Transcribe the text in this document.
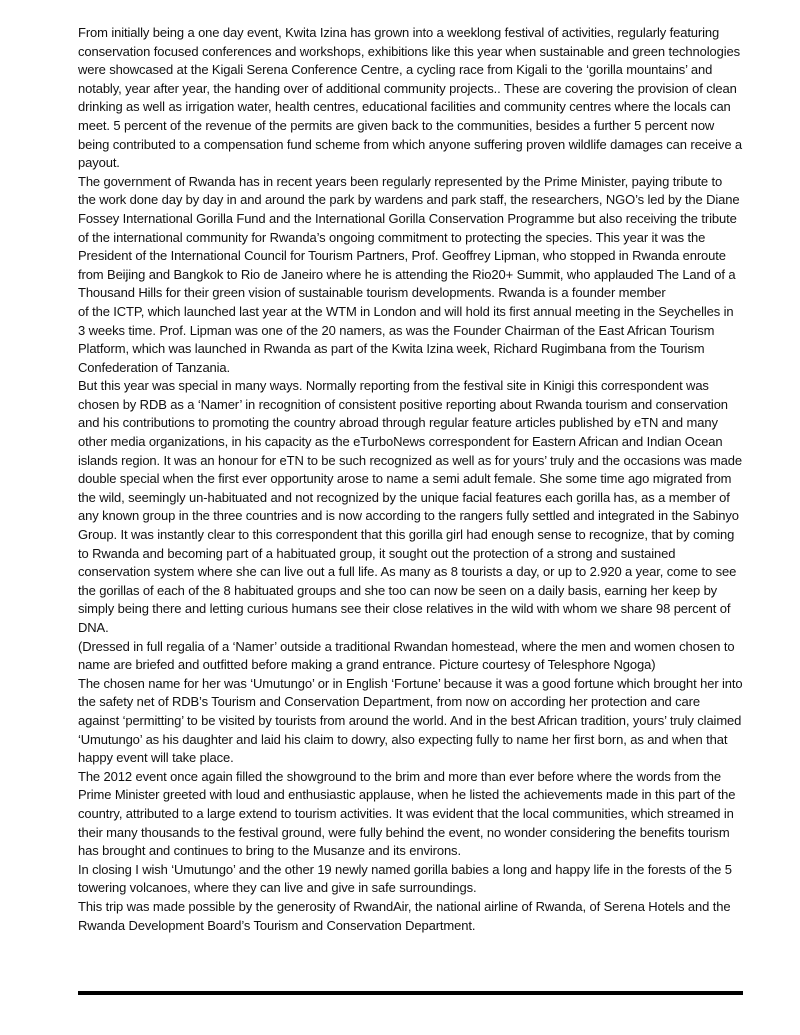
From initially being a one day event, Kwita Izina has grown into a weeklong festival of activities, regularly featuring conservation focused conferences and workshops, exhibitions like this year when sustainable and green technologies were showcased at the Kigali Serena Conference Centre, a cycling race from Kigali to the ‘gorilla mountains’ and notably, year after year, the handing over of additional community projects.. These are covering the provision of clean drinking as well as irrigation water, health centres, educational facilities and community centres where the locals can meet. 5 percent of the revenue of the permits are given back to the communities, besides a further 5 percent now being contributed to a compensation fund scheme from which anyone suffering proven wildlife damages can receive a payout.

The government of Rwanda has in recent years been regularly represented by the Prime Minister, paying tribute to the work done day by day in and around the park by wardens and park staff, the researchers, NGO’s led by the Diane Fossey International Gorilla Fund and the International Gorilla Conservation Programme but also receiving the tribute of the international community for Rwanda’s ongoing commitment to protecting the species. This year it was the President of the International Council for Tourism Partners, Prof. Geoffrey Lipman, who stopped in Rwanda enroute from Beijing and Bangkok to Rio de Janeiro where he is attending the Rio20+ Summit, who applauded The Land of a Thousand Hills for their green vision of sustainable tourism developments. Rwanda is a founder member

of the ICTP, which launched last year at the WTM in London and will hold its first annual meeting in the Seychelles in 3 weeks time. Prof. Lipman was one of the 20 namers, as was the Founder Chairman of the East African Tourism Platform, which was launched in Rwanda as part of the Kwita Izina week, Richard Rugimbana from the Tourism Confederation of Tanzania.

But this year was special in many ways. Normally reporting from the festival site in Kinigi this correspondent was chosen by RDB as a ‘Namer’ in recognition of consistent positive reporting about Rwanda tourism and conservation and his contributions to promoting the country abroad through regular feature articles published by eTN and many other media organizations, in his capacity as the eTurboNews correspondent for Eastern African and Indian Ocean islands region. It was an honour for eTN to be such recognized as well as for yours’ truly and the occasions was made double special when the first ever opportunity arose to name a semi adult female. She some time ago migrated from the wild, seemingly un-habituated and not recognized by the unique facial features each gorilla has, as a member of any known group in the three countries and is now according to the rangers fully settled and integrated in the Sabinyo Group. It was instantly clear to this correspondent that this gorilla girl had enough sense to recognize, that by coming to Rwanda and becoming part of a habituated group, it sought out the protection of a strong and sustained conservation system where she can live out a full life. As many as 8 tourists a day, or up to 2.920 a year, come to see the gorillas of each of the 8 habituated groups and she too can now be seen on a daily basis, earning her keep by simply being there and letting curious humans see their close relatives in the wild with whom we share 98 percent of DNA.

(Dressed in full regalia of a ‘Namer’ outside a traditional Rwandan homestead, where the men and women chosen to name are briefed and outfitted before making a grand entrance. Picture courtesy of Telesphore Ngoga)

The chosen name for her was ‘Umutungo’ or in English ‘Fortune’ because it was a good fortune which brought her into the safety net of RDB’s Tourism and Conservation Department, from now on according her protection and care against ‘permitting’ to be visited by tourists from around the world. And in the best African tradition, yours’ truly claimed ‘Umutungo’ as his daughter and laid his claim to dowry, also expecting fully to name her first born, as and when that happy event will take place.

The 2012 event once again filled the showground to the brim and more than ever before where the words from the Prime Minister greeted with loud and enthusiastic applause, when he listed the achievements made in this part of the country, attributed to a large extend to tourism activities. It was evident that the local communities, which streamed in their many thousands to the festival ground, were fully behind the event, no wonder considering the benefits tourism has brought and continues to bring to the Musanze and its environs.

In closing I wish ‘Umutungo’ and the other 19 newly named gorilla babies a long and happy life in the forests of the 5 towering volcanoes, where they can live and give in safe surroundings.

This trip was made possible by the generosity of RwandAir, the national airline of Rwanda, of Serena Hotels and the Rwanda Development Board’s Tourism and Conservation Department.
